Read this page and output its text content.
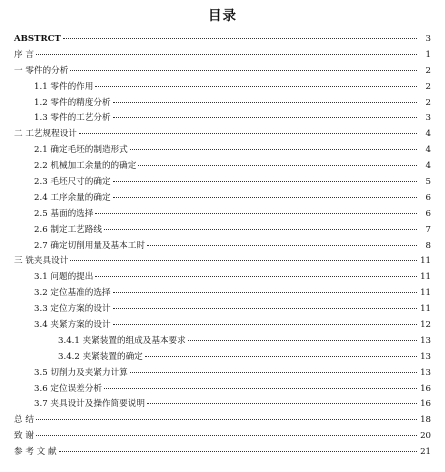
目录
ABSTRCT	3
序 言	1
一 零件的分析	2
1.1 零件的作用	2
1.2 零件的精度分析	2
1.3 零件的工艺分析	3
二 工艺规程设计	4
2.1 确定毛坯的制造形式	4
2.2 机械加工余量的的确定	4
2.3 毛坯尺寸的确定	5
2.4 工序余量的确定	6
2.5 基面的选择	6
2.6 制定工艺路线	7
2.7 确定切削用量及基本工时	8
三 铣夹具设计	11
3.1 问题的提出	11
3.2 定位基准的选择	11
3.3 定位方案的设计	11
3.4 夹紧方案的设计	12
3.4.1 夹紧装置的组成及基本要求	13
3.4.2 夹紧装置的确定	13
3.5 切削力及夹紧力计算	13
3.6 定位误差分析	16
3.7 夹具设计及操作简要说明	16
总 结	18
致 谢	20
参 考 文 献	21
